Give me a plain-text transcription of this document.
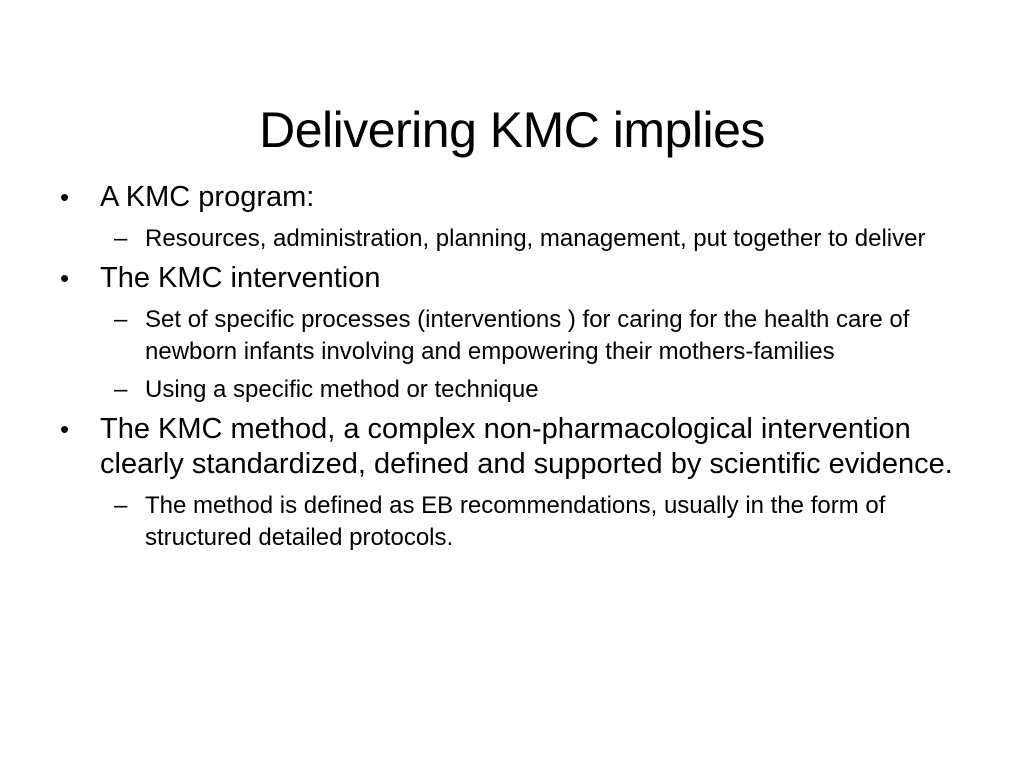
Delivering KMC implies
•	A KMC program:
– Resources, administration, planning, management, put together to deliver
•	The KMC intervention
– Set of specific processes (interventions ) for caring for the health care of newborn infants involving and empowering their mothers-families
– Using a specific method or technique
•	The KMC method, a complex non-pharmacological intervention clearly standardized, defined and supported by scientific evidence.
– The method is defined as EB recommendations, usually in the form of structured detailed protocols.
